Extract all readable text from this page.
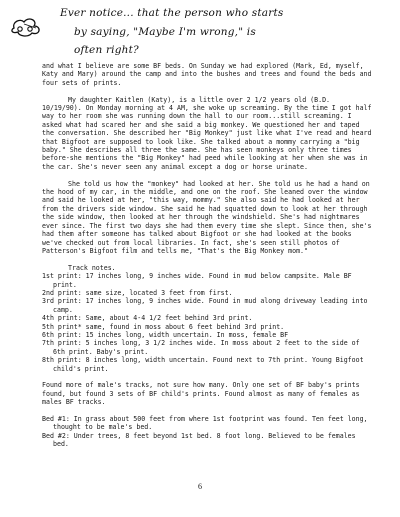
Ever notice... that the person who starts
by saying, "Maybe I'm wrong," is
often right?

and what I believe are some BF beds. On Sunday we had explored (Mark, Ed, myself, Katy and Mary) around the camp and into the bushes and trees and found the beds and four sets of prints.

My daughter Kaitlen (Katy), is a little over 2 1/2 years old (B.D. 10/19/90). On Monday morning at 4 AM, she woke up screaming. By the time I got half way to her room she was running down the hall to our room...still screaming. I asked what had scared her and she said a big monkey. We questioned her and taped the conversation. She described her "Big Monkey" just like what I've read and heard that Bigfoot are supposed to look like. She talked about a mommy carrying a "big baby." She describes all three the same. She has seen monkeys only three times before-she mentions the "Big Monkey" had peed while looking at her when she was in the car. She's never seen any animal except a dog or horse urinate.

She told us how the "monkey" had looked at her. She told us he had a hand on the hood of my car, in the middle, and one on the roof. She leaned over the window and said he looked at her, "this way, mommy." She also said he had looked at her from the drivers side window. She said he had squatted down to look at her through the side window, then looked at her through the windshield. She's had nightmares ever since. The first two days she had them every time she slept. Since then, she's had them after someone has talked about Bigfoot or she had looked at the books we've checked out from local libraries. In fact, she's seen still photos of Patterson's Bigfoot film and tells me, "That's the Big Monkey mom."

Track notes.

1st print: 17 inches long, 9 inches wide. Found in mud below campsite. Male BF print.

2nd print: same size, located 3 feet from first.

3rd print: 17 inches long, 9 inches wide. Found in mud along driveway leading into camp.

4th print: Same, about 4-4 1/2 feet behind 3rd print.

5th print* same, found in moss about 6 feet behind 3rd print.

6th print: 15 inches long, width uncertain. In moss, female BF

7th print: 5 inches long, 3 1/2 inches wide. In moss about 2 feet to the side of 6th print. Baby's print.

8th print: 8 inches long, width uncertain. Found next to 7th print. Young Bigfoot child's print.

Found more of male's tracks, not sure how many. Only one set of BF baby's prints found, but found 3 sets of BF child's prints. Found almost as many of females as males BF tracks.

Bed #1: In grass about 500 feet from where 1st footprint was found. Ten feet long, thought to be male's bed.

Bed #2: Under trees, 8 feet beyond 1st bed. 8 foot long. Believed to be females bed.

6
